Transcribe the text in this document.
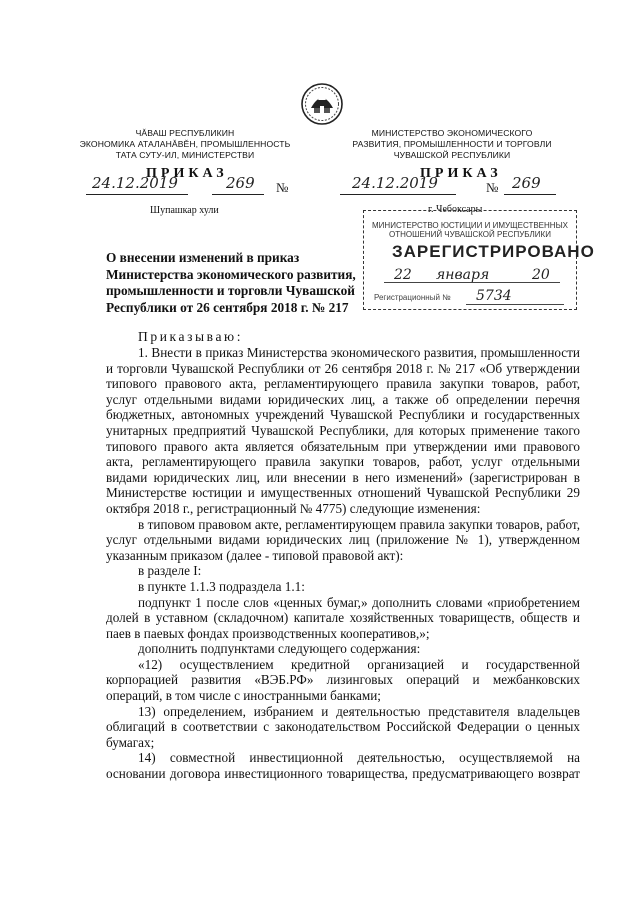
ЧĂВАШ РЕСПУБЛИКИН
ЭКОНОМИКА АТАЛАНĂВĔН, ПРОМЫШЛЕННОСТЬ
ТАТА СУТУ-ИЛ, МИНИСТЕРСТВИ
МИНИСТЕРСТВО ЭКОНОМИЧЕСКОГО
РАЗВИТИЯ, ПРОМЫШЛЕННОСТИ И ТОРГОВЛИ
ЧУВАШСКОЙ РЕСПУБЛИКИ
ПРИКАЗ
24.12.2019	269 №
Шупашкар хули
ПРИКАЗ
24.12.2019	№ 269
г. Чебоксары
МИНИСТЕРСТВО ЮСТИЦИИ И ИМУЩЕСТВЕННЫХ
ОТНОШЕНИЙ ЧУВАШСКОЙ РЕСПУБЛИКИ
ЗАРЕГИСТРИРОВАНО
22 января	20
Регистрационный № 5734
О внесении изменений в приказ
Министерства экономического развития,
промышленности и торговли Чувашской
Республики от 26 сентября 2018 г. № 217
Приказываю:

1. Внести в приказ Министерства экономического развития, промышленности и торговли Чувашской Республики от 26 сентября 2018 г. № 217 «Об утверждении типового правового акта, регламентирующего правила закупки товаров, работ, услуг отдельными видами юридических лиц, а также об определении перечня бюджетных, автономных учреждений Чувашской Республики и государственных унитарных предприятий Чувашской Республики, для которых применение такого типового правого акта является обязательным при утверждении ими правового акта, регламентирующего правила закупки товаров, работ, услуг отдельными видами юридических лиц, или внесении в него изменений» (зарегистрирован в Министерстве юстиции и имущественных отношений Чувашской Республики 29 октября 2018 г., регистрационный № 4775) следующие изменения:

в типовом правовом акте, регламентирующем правила закупки товаров, работ, услуг отдельными видами юридических лиц (приложение № 1), утвержденном указанным приказом (далее - типовой правовой акт):

в разделе I:

в пункте 1.1.3 подраздела 1.1:

подпункт 1 после слов «ценных бумаг,» дополнить словами «приобретением долей в уставном (складочном) капитале хозяйственных товариществ, обществ и паев в паевых фондах производственных кооперативов,»;

дополнить подпунктами следующего содержания:

«12) осуществлением кредитной организацией и государственной корпорацией развития «ВЭБ.РФ» лизинговых операций и межбанковских операций, в том числе с иностранными банками;

13) определением, избранием и деятельностью представителя владельцев облигаций в соответствии с законодательством Российской Федерации о ценных бумагах;

14) совместной инвестиционной деятельностью, осуществляемой на основании договора инвестиционного товарищества, предусматривающего возврат
